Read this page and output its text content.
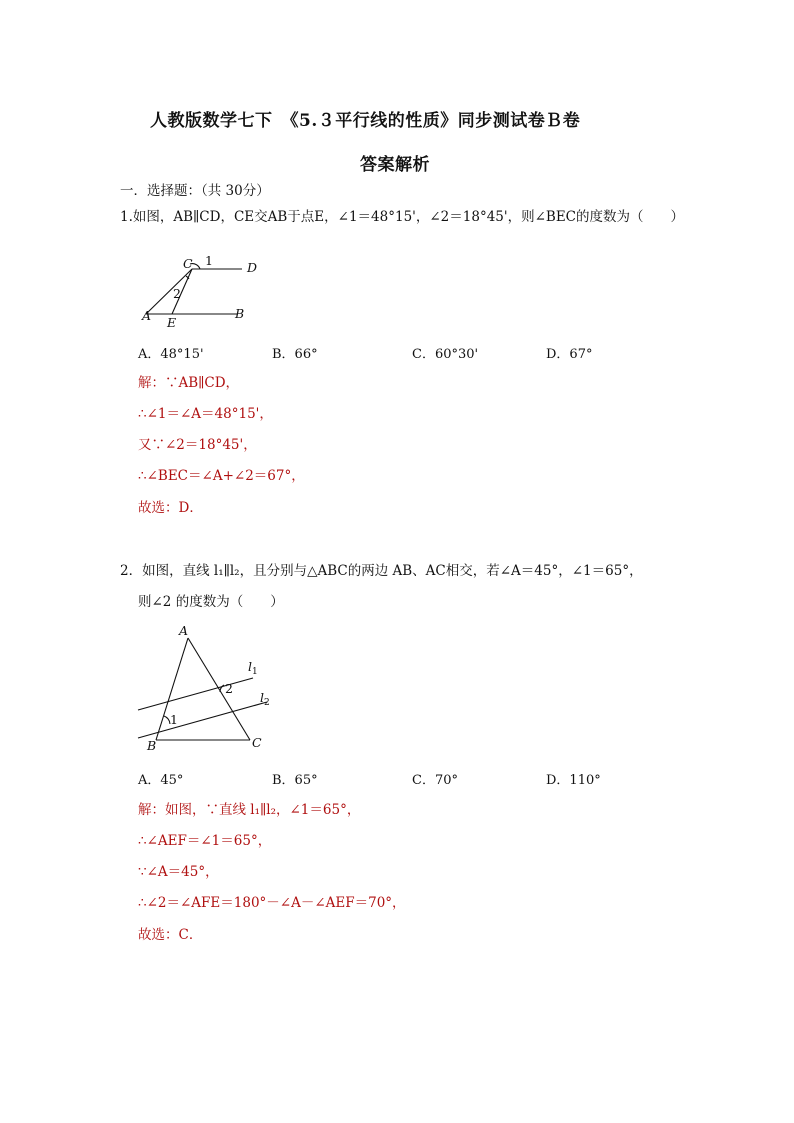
人教版数学七下　《5.３平行线的性质》同步测试卷Ｂ卷
答案解析
一．选择题：（共 30分）
1.如图，AB∥CD，CE交AB于点E，∠1＝48°15'，∠2＝18°45'，则∠BEC的度数为（　　）
C	D
1
2
A E
B
A．48°15'	B．66°	C．60°30'	D．67°
解：∵AB∥CD，
∴∠1＝∠A＝48°15'，
又∵∠2＝18°45'，
∴∠BEC＝∠A+∠2＝67°，
故选：D．
2．如图，直线 l₁∥l₂，且分别与△ABC的两边 AB、AC相交，若∠A＝45°，∠1＝65°，
则∠2 的度数为（　　）
A
l 1
2
l 2
1
B	C
A．45°	B．65°	C．70°	D．110°
解：如图，∵直线 l₁∥l₂，∠1＝65°，
∴∠AEF＝∠1＝65°，
∵∠A＝45°，
∴∠2＝∠AFE＝180°－∠A－∠AEF＝70°，
故选：C．
